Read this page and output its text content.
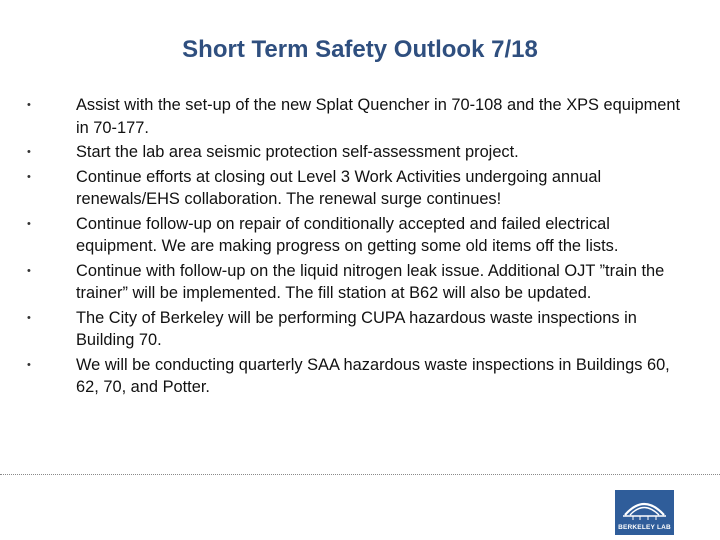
Short Term Safety Outlook 7/18
•	Assist with the set-up of the new Splat Quencher in 70-108 and the XPS equipment in 70-177.
•	Start the lab area seismic protection self-assessment project.
•	Continue efforts at closing out Level 3 Work Activities undergoing annual renewals/EHS collaboration. The renewal surge continues!
•	Continue follow-up on repair of conditionally accepted and failed electrical equipment. We are making progress on getting some old items off the lists.
•	Continue with follow-up on the liquid nitrogen leak issue. Additional OJT ”train the trainer” will be implemented. The fill station at B62 will also be updated.
•	The City of Berkeley will be performing CUPA hazardous waste inspections in Building 70.
•	We will be conducting quarterly SAA hazardous waste inspections in Buildings 60, 62, 70, and Potter.
BERKELEY LAB
